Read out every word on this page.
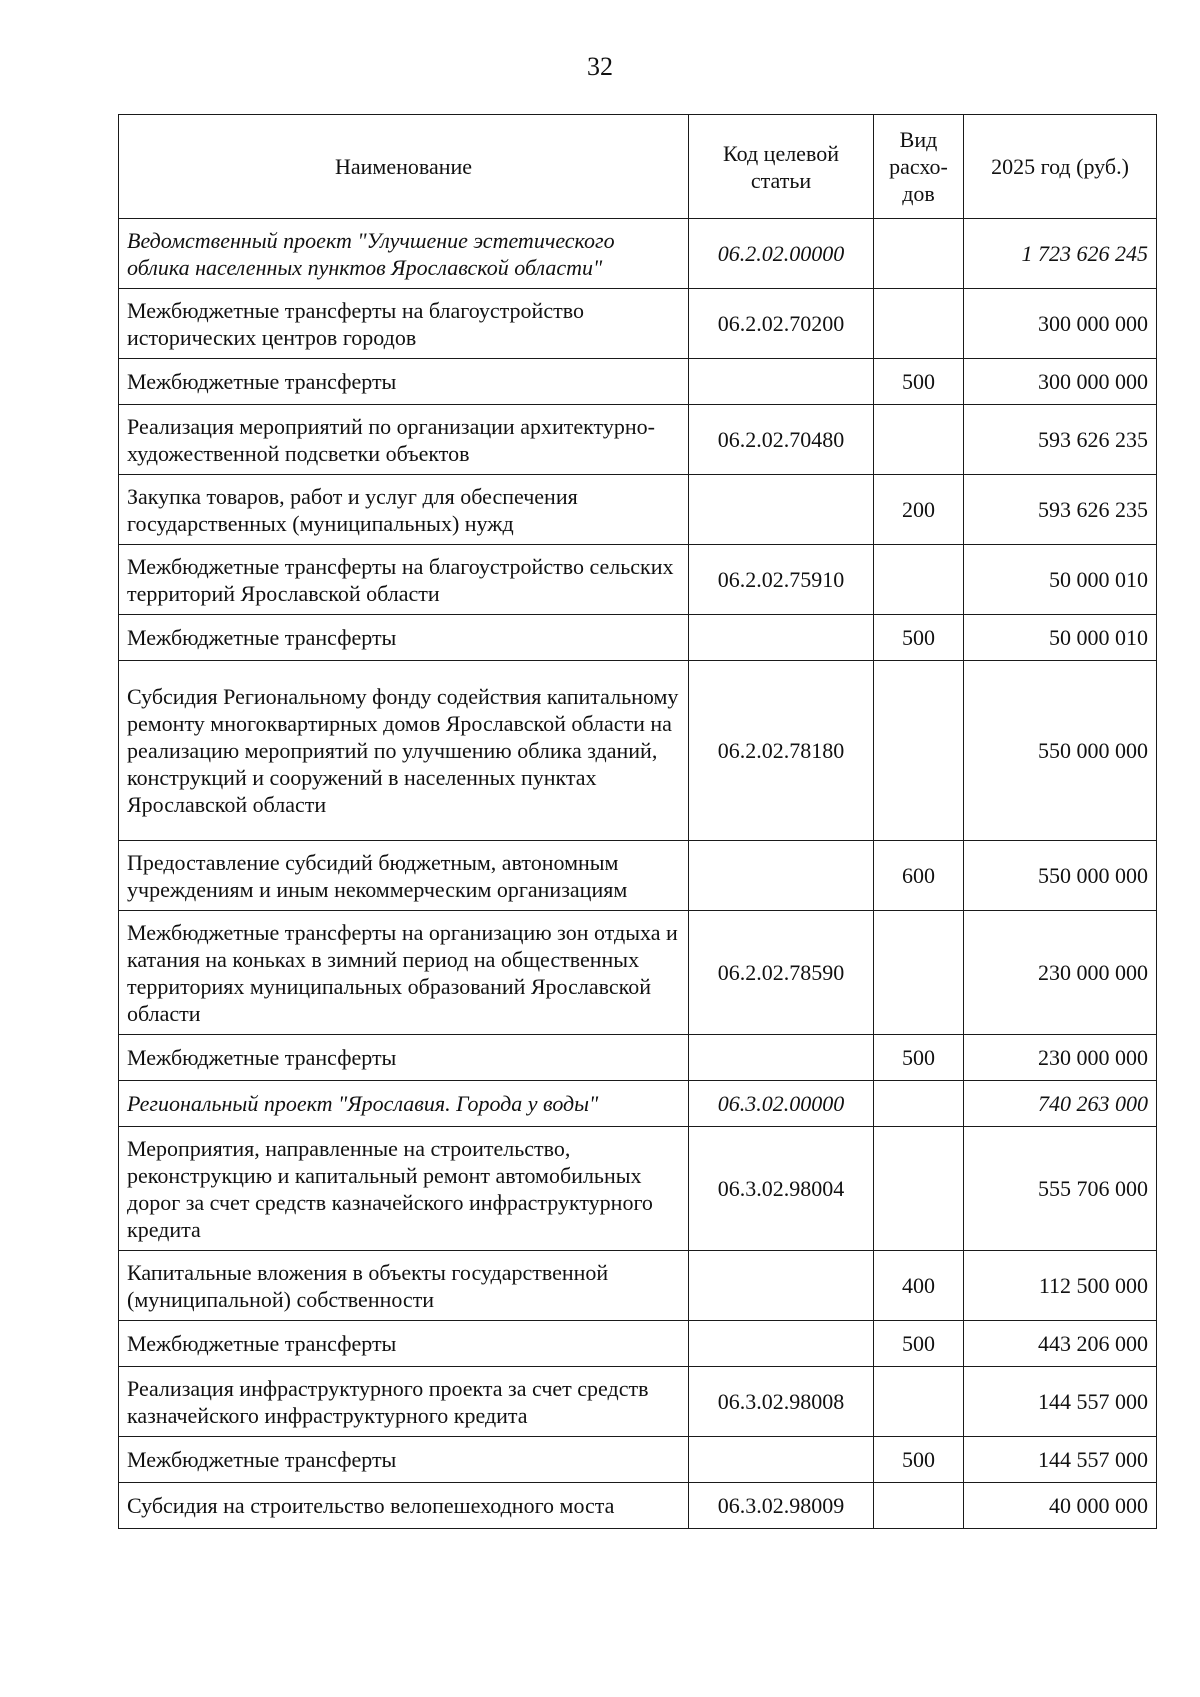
32
Наименование	Код целевой статьи	Вид расхо-дов	2025 год (руб.)
Ведомственный проект "Улучшение эстетического облика населенных пунктов Ярославской области"	06.2.02.00000		1 723 626 245
Межбюджетные трансферты на благоустройство исторических центров городов	06.2.02.70200		300 000 000
Межбюджетные трансферты		500	300 000 000
Реализация мероприятий по организации архитектурно-художественной подсветки объектов	06.2.02.70480		593 626 235
Закупка товаров, работ и услуг для обеспечения государственных (муниципальных) нужд		200	593 626 235
Межбюджетные трансферты на благоустройство сельских территорий Ярославской области	06.2.02.75910		50 000 010
Межбюджетные трансферты		500	50 000 010
Субсидия Региональному фонду содействия капитальному ремонту многоквартирных домов Ярославской области на реализацию мероприятий по улучшению облика зданий, конструкций и сооружений в населенных пунктах Ярославской области	06.2.02.78180		550 000 000
Предоставление субсидий бюджетным, автономным учреждениям и иным некоммерческим организациям		600	550 000 000
Межбюджетные трансферты на организацию зон отдыха и катания на коньках в зимний период на общественных территориях муниципальных образований Ярославской области	06.2.02.78590		230 000 000
Межбюджетные трансферты		500	230 000 000
Региональный проект "Ярославия. Города у воды"	06.3.02.00000		740 263 000
Мероприятия, направленные на строительство, реконструкцию и капитальный ремонт автомобильных дорог за счет средств казначейского инфраструктурного кредита	06.3.02.98004		555 706 000
Капитальные вложения в объекты государственной (муниципальной) собственности		400	112 500 000
Межбюджетные трансферты		500	443 206 000
Реализация инфраструктурного проекта за счет средств казначейского инфраструктурного кредита	06.3.02.98008		144 557 000
Межбюджетные трансферты		500	144 557 000
Субсидия на строительство велопешеходного моста	06.3.02.98009		40 000 000
